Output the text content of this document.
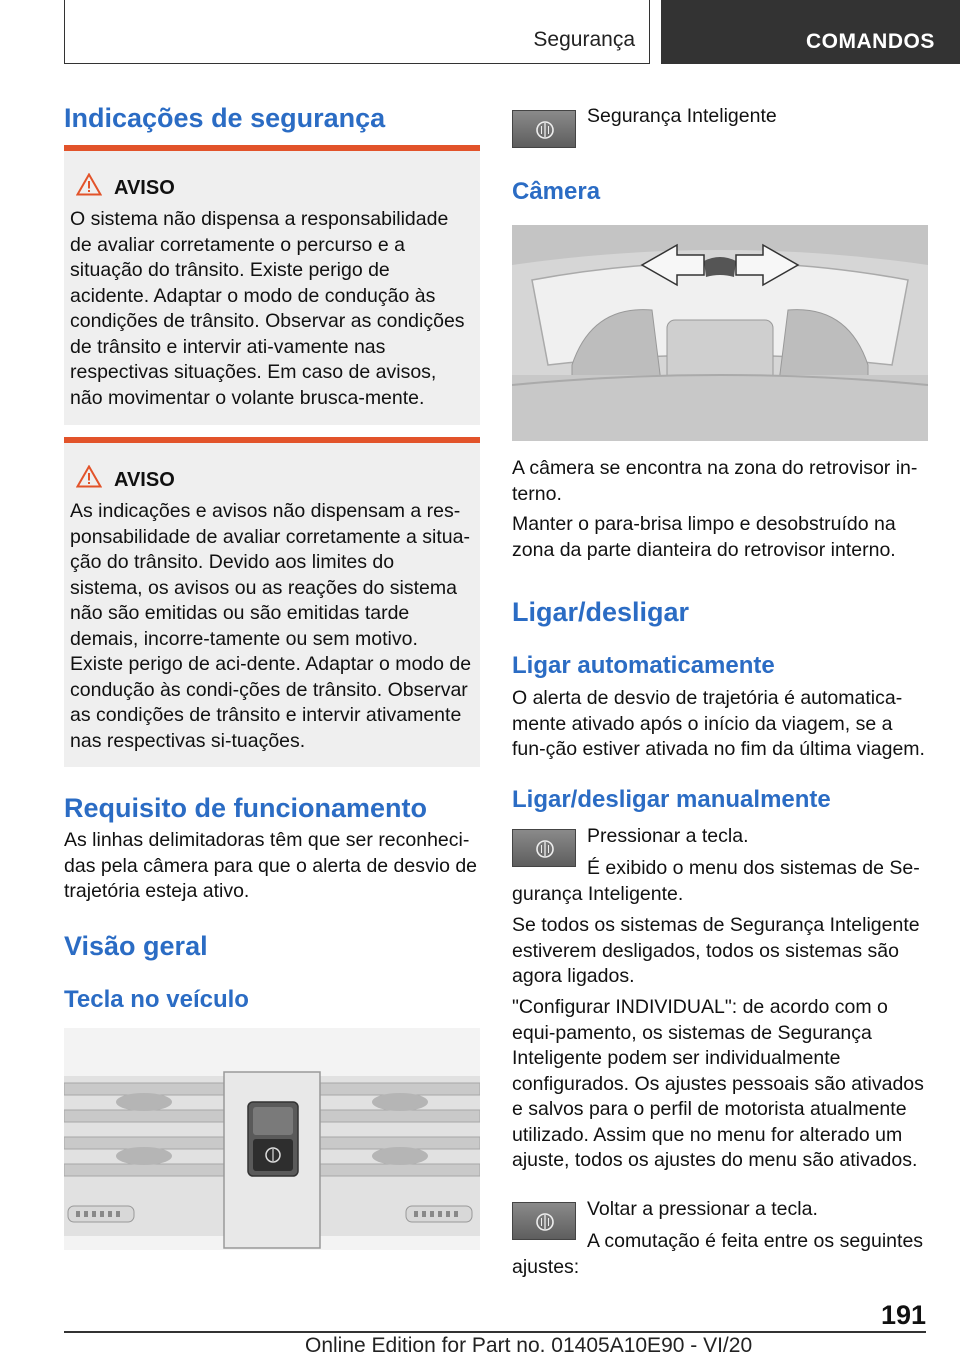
Segurança	COMANDOS
Indicações de segurança
AVISO
O sistema não dispensa a responsabilidade de avaliar corretamente o percurso e a situação do trânsito. Existe perigo de acidente. Adaptar o modo de condução às condições de trânsito. Observar as condições de trânsito e intervir ati-vamente nas respectivas situações. Em caso de avisos, não movimentar o volante brusca-mente.
AVISO
As indicações e avisos não dispensam a res-ponsabilidade de avaliar corretamente a situa-ção do trânsito. Devido aos limites do sistema, os avisos ou as reações do sistema não são emitidas ou são emitidas tarde demais, incorre-tamente ou sem motivo. Existe perigo de aci-dente. Adaptar o modo de condução às condi-ções de trânsito. Observar as condições de trânsito e intervir ativamente nas respectivas si-tuações.
Requisito de funcionamento
As linhas delimitadoras têm que ser reconheci-das pela câmera para que o alerta de desvio de trajetória esteja ativo.
Visão geral
Tecla no veículo
Segurança Inteligente
Câmera
A câmera se encontra na zona do retrovisor in-terno.
Manter o para-brisa limpo e desobstruído na zona da parte dianteira do retrovisor interno.
Ligar/desligar
Ligar automaticamente
O alerta de desvio de trajetória é automatica-mente ativado após o início da viagem, se a fun-ção estiver ativada no fim da última viagem.
Ligar/desligar manualmente
Pressionar a tecla.
É exibido o menu dos sistemas de Se-gurança Inteligente.
Se todos os sistemas de Segurança Inteligente estiverem desligados, todos os sistemas são agora ligados.
"Configurar INDIVIDUAL": de acordo com o equi-pamento, os sistemas de Segurança Inteligente podem ser individualmente configurados. Os ajustes pessoais são ativados e salvos para o perfil de motorista atualmente utilizado. Assim que no menu for alterado um ajuste, todos os ajustes do menu são ativados.
Voltar a pressionar a tecla.
A comutação é feita entre os seguintes ajustes:
191
Online Edition for Part no. 01405A10E90 - VI/20
